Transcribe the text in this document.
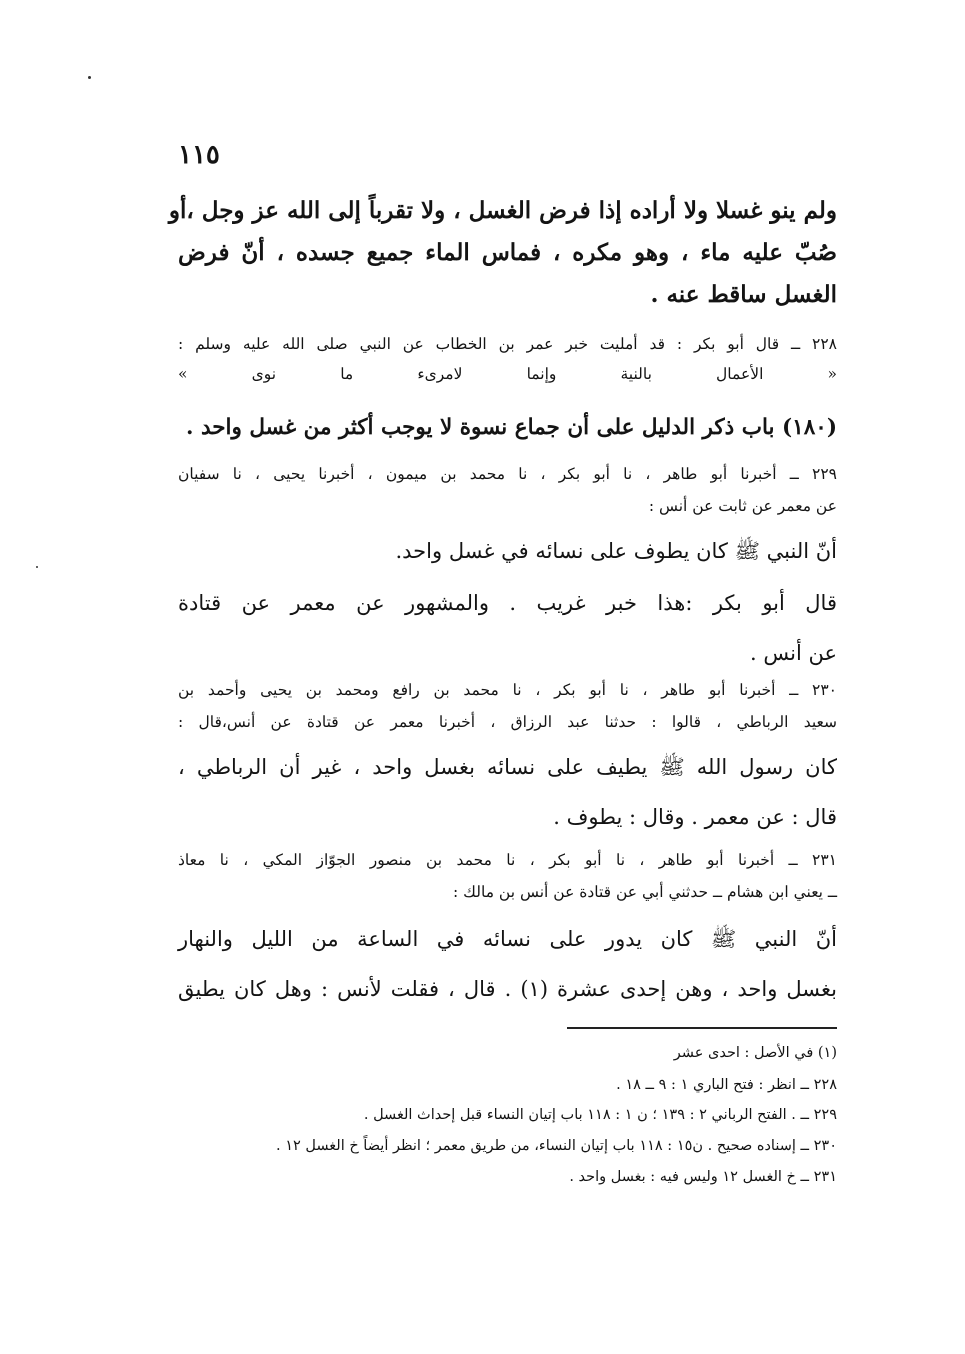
١١٥
ولم ينو غسلا ولا أراده إذا فرض الغسل ، ولا تقرباً إلى الله عز وجل ،أو
صُبّ عليه ماء ، وهو مكره ، فماس الماء جميع جسده ، أنّ فرض
الغسل ساقط عنه .
٢٢٨ ــ قال أبو بكر : قد أمليت خبر عمر بن الخطاب عن النبي صلى الله عليه وسلم :
« الأعمال بالنية وإنما لامرىء ما نوى »
(١٨٠) باب ذكر الدليل على أن جماع نسوة لا يوجب أكثر من غسل واحد .
٢٢٩ ــ أخبرنا أبو طاهر ، نا أبو بكر ، نا محمد بن ميمون ، أخبرنا يحيى ، نا سفيان
عن معمر عن ثابت عن أنس :
أنّ النبي ﷺ كان يطوف على نسائه في غسل واحد.
قال أبو بكر :هذا خبر غريب . والمشهور عن معمر عن قتادة
عن أنس .
٢٣٠ ــ أخبرنا أبو طاهر ، نا أبو بكر ، نا محمد بن رافع ومحمد بن يحيى وأحمد بن
سعيد الرباطي ، قالوا : حدثنا عبد الرزاق ، أخبرنا معمر عن قتادة عن أنس،قال :
كان رسول الله ﷺ يطيف على نسائه بغسل واحد ، غير أن الرباطي ،
قال : عن معمر . وقال : يطوف .
٢٣١ ــ أخبرنا أبو طاهر ، نا أبو بكر ، نا محمد بن منصور الجوّاز المكي ، نا معاذ
ــ يعني ابن هشام ــ حدثني أبي عن قتادة عن أنس بن مالك :
أنّ النبي ﷺ كان يدور على نسائه في الساعة من الليل والنهار
بغسل واحد ، وهن إحدى عشرة (١) . قال ، فقلت لأنس : وهل كان يطيق
(١) في الأصل : احدى عشر
٢٢٨ ــ انظر : فتح الباري ١ : ٩ ــ ١٨ .
٢٢٩ ــ . الفتح الرباني ٢ : ١٣٩ ؛ ن ١ : ١١٨ باب إتيان النساء قبل إحداث الغسل .
٢٣٠ ــ إسناده صحيح . ن١٥ : ١١٨ باب إتيان النساء، من طريق معمر ؛ انظر أيضاً خ الغسل ١٢ .
٢٣١ ــ خ الغسل ١٢ وليس فيه : بغسل واحد .
